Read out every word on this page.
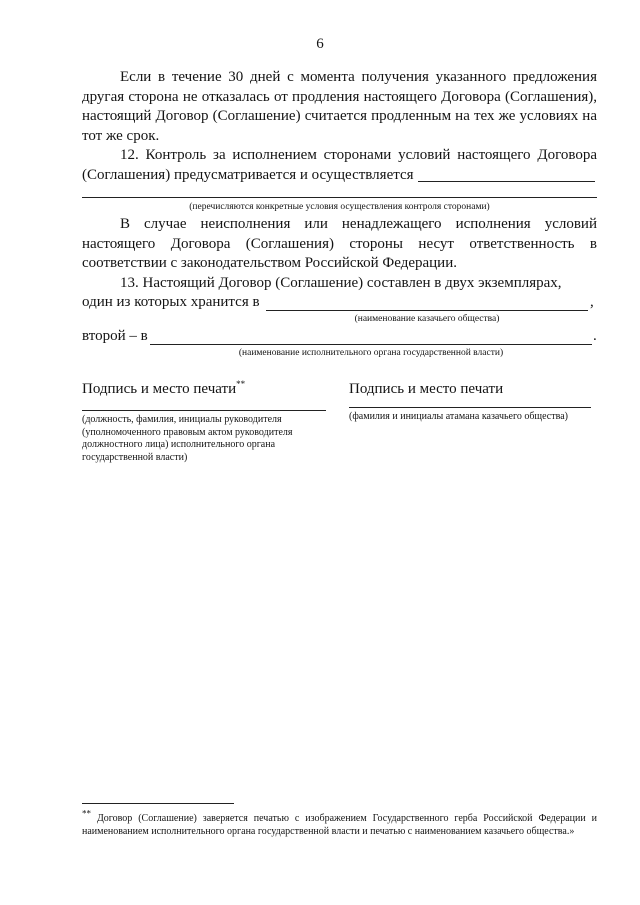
6
Если в течение 30 дней с момента получения указанного предложения другая сторона не отказалась от продления настоящего Договора (Соглашения), настоящий Договор (Соглашение) считается продленным на тех же условиях на тот же срок.
12. Контроль за исполнением сторонами условий настоящего Договора (Соглашения) предусматривается и осуществляется
(перечисляются конкретные условия осуществления контроля сторонами)
В случае неисполнения или ненадлежащего исполнения условий настоящего Договора (Соглашения) стороны несут ответственность в соответствии с законодательством Российской Федерации.
13. Настоящий Договор (Соглашение) составлен в двух экземплярах,
один из которых хранится в	,
(наименование казачьего общества)
второй – в	.
(наименование исполнительного органа государственной власти)
Подпись и место печати**
(должность, фамилия, инициалы руководителя (уполномоченного правовым актом руководителя должностного лица) исполнительного органа государственной власти)
Подпись и место печати
(фамилия и инициалы атамана казачьего общества)
** Договор (Соглашение) заверяется печатью с изображением Государственного герба Российской Федерации и наименованием исполнительного органа государственной власти и печатью с наименованием казачьего общества.»
